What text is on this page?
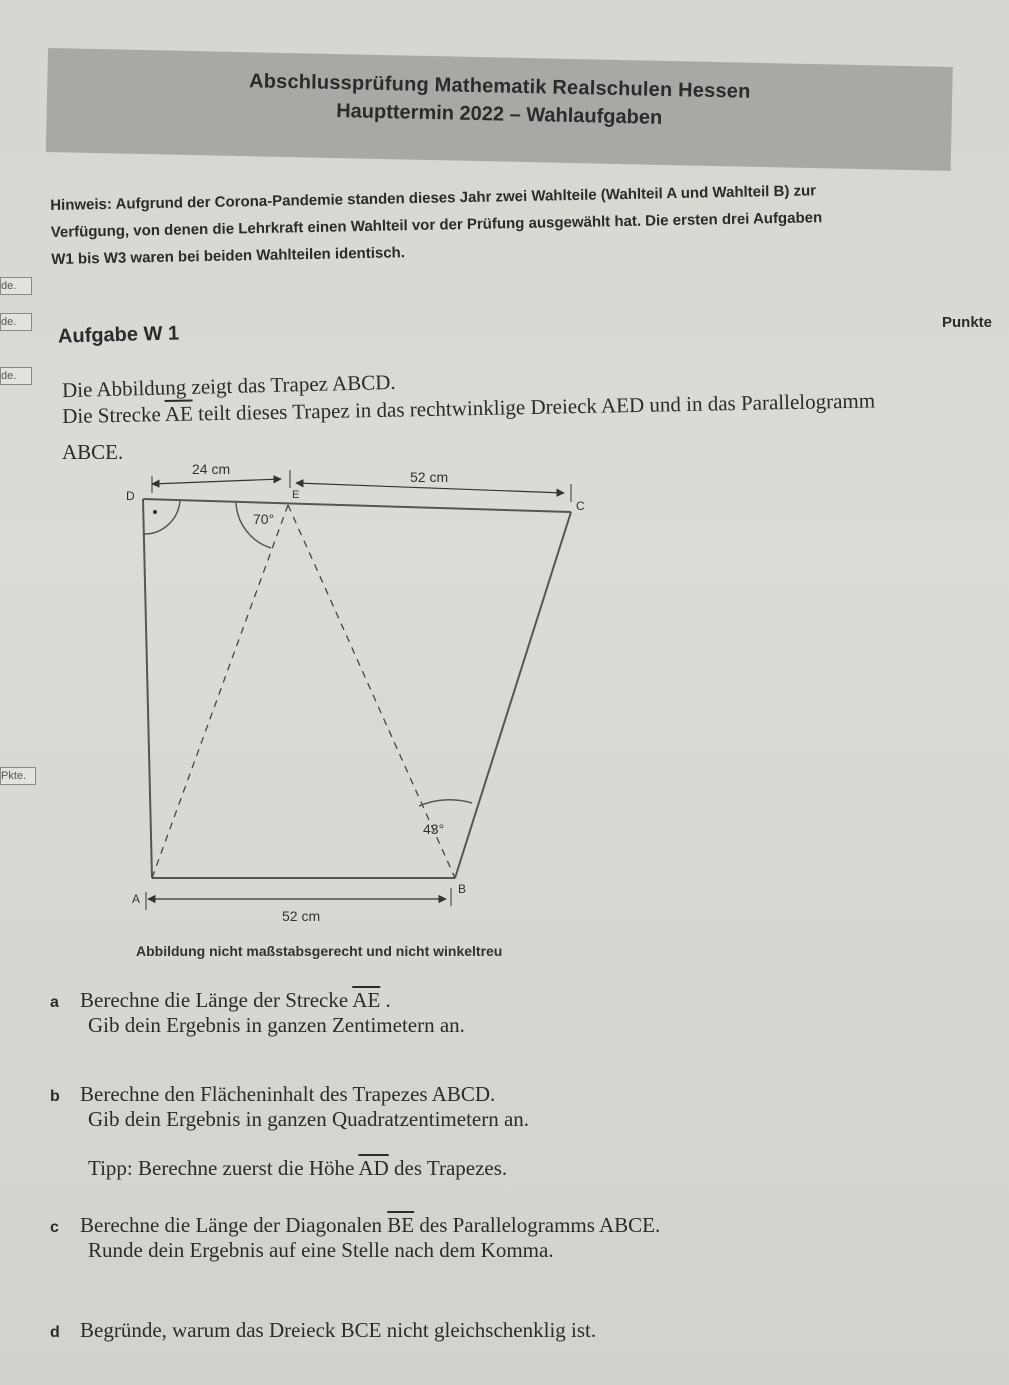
Abschlussprüfung Mathematik Realschulen Hessen
Haupttermin 2022 – Wahlaufgaben
Hinweis: Aufgrund der Corona-Pandemie standen dieses Jahr zwei Wahlteile (Wahlteil A und Wahlteil B) zur
Verfügung, von denen die Lehrkraft einen Wahlteil vor der Prüfung ausgewählt hat. Die ersten drei Aufgaben
W1 bis W3 waren bei beiden Wahlteilen identisch.
de.
de.
de.
Pkte.
Aufgabe W 1	Punkte
Die Abbildung zeigt das Trapez ABCD.
Die Strecke $\overline{AE}$ teilt dieses Trapez in das rechtwinklige Dreieck AED und in das Parallelogramm
ABCE.
24 cm	52 cm
52 cm
D	E
C
A
B
70°
43°
Abbildung nicht maßstabsgerecht und nicht winkeltreu
a Berechne die Länge der Strecke $\overline{AE}$ .
Gib dein Ergebnis in ganzen Zentimetern an.
b Berechne den Flächeninhalt des Trapezes ABCD.
Gib dein Ergebnis in ganzen Quadratzentimetern an.
Tipp: Berechne zuerst die Höhe $\overline{AD}$ des Trapezes.
c Berechne die Länge der Diagonalen $\overline{BE}$ des Parallelogramms ABCE.
Runde dein Ergebnis auf eine Stelle nach dem Komma.
d Begründe, warum das Dreieck BCE nicht gleichschenklig ist.
